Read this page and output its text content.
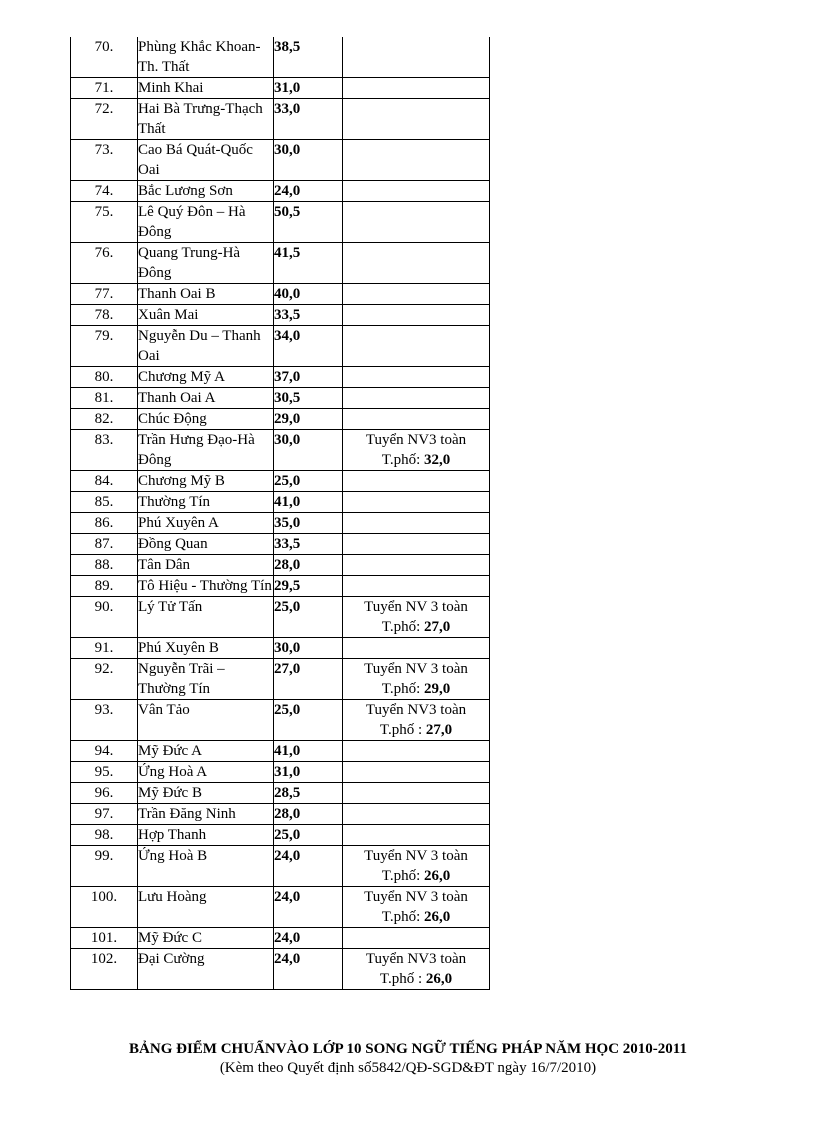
70.	Phùng Khắc Khoan-Th. Thất	38,5	
71.	Minh Khai	31,0	
72.	Hai Bà Trưng-Thạch Thất	33,0	
73.	Cao Bá Quát-Quốc Oai	30,0	
74.	Bắc Lương Sơn	24,0	
75.	Lê Quý Đôn – Hà Đông	50,5	
76.	Quang Trung-Hà Đông	41,5	
77.	Thanh Oai B	40,0	
78.	Xuân Mai	33,5	
79.	Nguyễn Du – Thanh Oai	34,0	
80.	Chương Mỹ A	37,0	
81.	Thanh Oai A	30,5	
82.	Chúc Động	29,0	
83.	Trần Hưng Đạo-Hà Đông	30,0	Tuyển NV3 toàn
T.phố: 32,0

84.	Chương Mỹ B	25,0	
85.	Thường Tín	41,0	
86.	Phú Xuyên A	35,0	
87.	Đồng Quan	33,5	
88.	Tân Dân	28,0	
89.	Tô Hiệu - Thường Tín	29,5	
90.	Lý Tử Tấn	25,0	Tuyển NV 3 toàn
T.phố: 27,0

91.	Phú Xuyên B	30,0	
92.	Nguyễn Trãi – Thường Tín	27,0	Tuyển NV 3 toàn
T.phố: 29,0

93.	Vân Tảo	25,0	Tuyển NV3 toàn
T.phố : 27,0

94.	Mỹ Đức A	41,0	
95.	Ứng Hoà A	31,0	
96.	Mỹ Đức B	28,5	
97.	Trần Đăng Ninh	28,0	
98.	Hợp Thanh	25,0	
99.	Ứng Hoà B	24,0	Tuyển NV 3 toàn
T.phố: 26,0

100.	Lưu Hoàng	24,0	Tuyển NV 3 toàn
T.phố: 26,0

101.	Mỹ Đức C	24,0	
102.	Đại Cường	24,0	Tuyển NV3 toàn
T.phố : 26,0

BẢNG ĐIỂM CHUẨNVÀO LỚP 10 SONG NGỮ TIẾNG PHÁP NĂM HỌC 2010-2011

(Kèm theo Quyết định số5842/QĐ-SGD&ĐT ngày 16/7/2010)
